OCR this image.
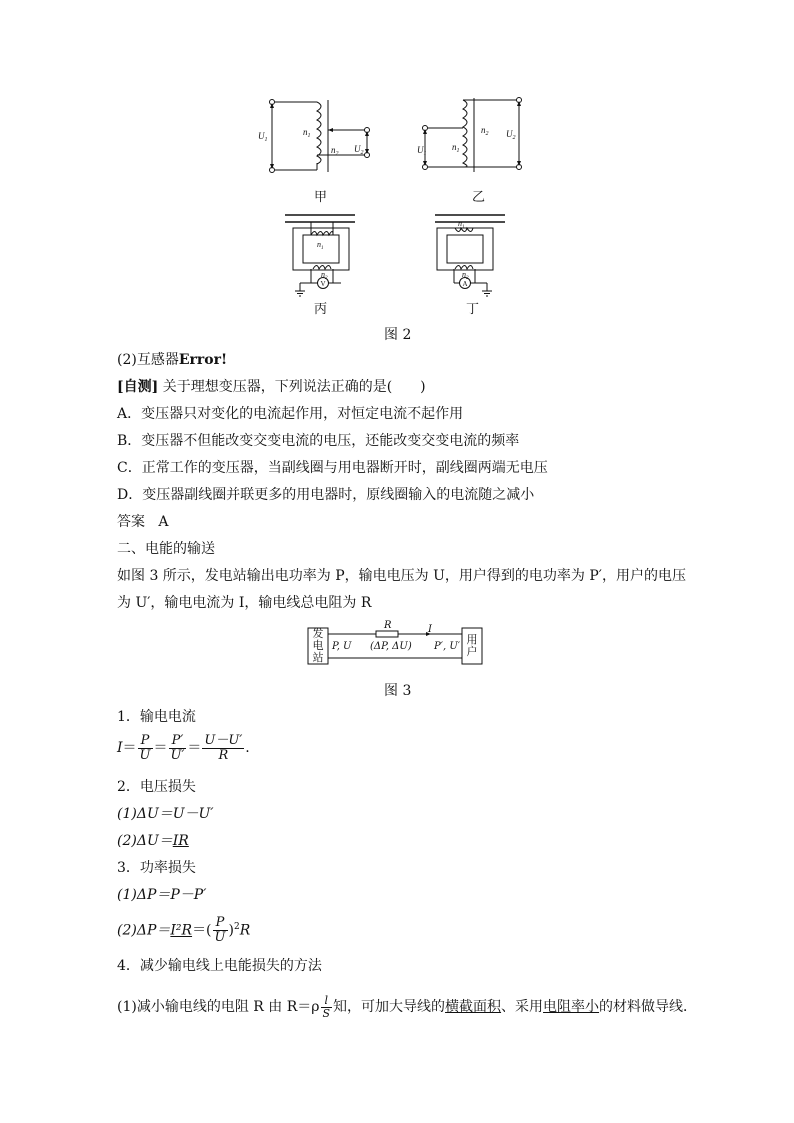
$U_1$
$n_1$
$n_2$ $U_2$	$U_1$
$n_1$
$n_2$ $U_2$
$n_1$
$n_2$
$n_1$
$n_2$
V	A
甲	乙
丙	丁
图 2
(2)互感器Error!
[自测] 关于理想变压器，下列说法正确的是(　　)
A．变压器只对变化的电流起作用，对恒定电流不起作用
B．变压器不但能改变交变电流的电压，还能改变交变电流的频率
C．正常工作的变压器，当副线圈与用电器断开时，副线圈两端无电压
D．变压器副线圈并联更多的用电器时，原线圈输入的电流随之减小
答案 A
二、电能的输送
如图 3 所示，发电站输出电功率为 P，输电电压为 U，用户得到的电功率为 P′，用户的电压
为 U′，输电电流为 I，输电线总电阻为 R
发
电
站
用
户
R	I
P, U (ΔP, ΔU) P′, U′
图 3
1．输电电流
$I= \frac{P}{U} = \frac{P'}{U'} = \frac{U-U'}{R}$ .
2．电压损失
(1)ΔU＝U－U′
(2)ΔU＝IR
3．功率损失
(1)ΔP＝P－P′
$(2)\Delta P=I^2R=( \frac{P}{U} )^2R$
4．减少输电线上电能损失的方法
(1)减小输电线的电阻 R 由 $R=\rho \frac{l}{S}$ 知，可加大导线的横截面积、采用电阻率小的材料做导线．
